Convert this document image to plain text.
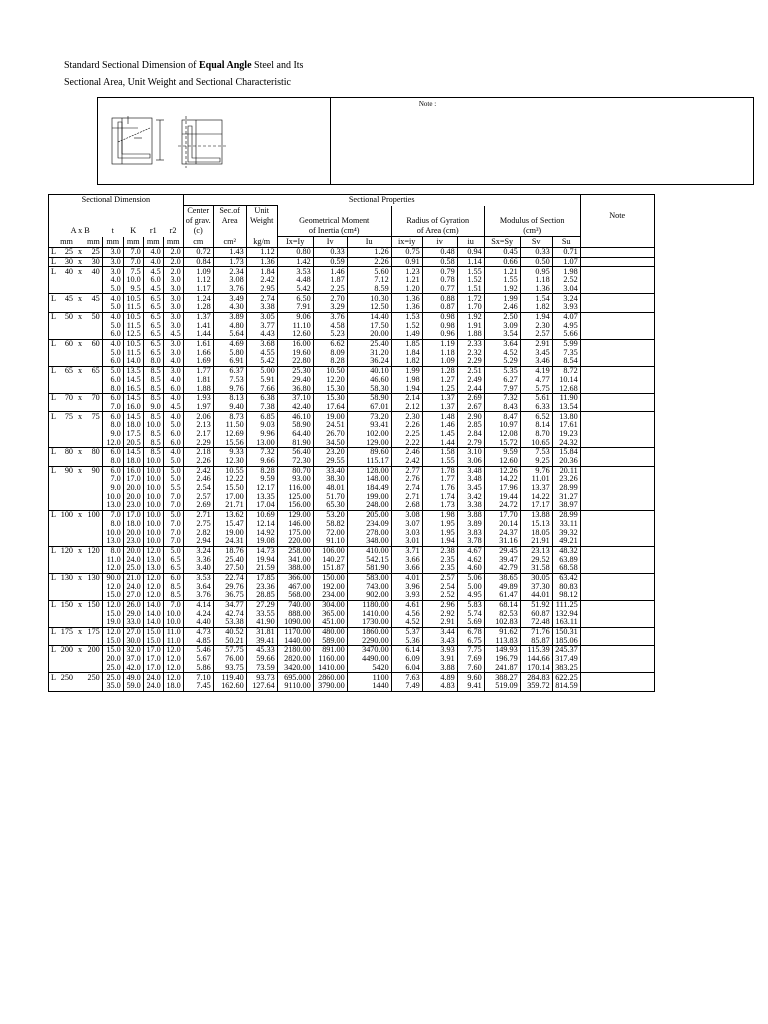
Standard Sectional Dimension of Equal Angle Steel and Its
Sectional Area, Unit Weight and Sectional Characteristic
Note :
Sectional Dimension								Sectional Properties												Note
								Center	Sec.of	Unit										
								of grav.	Area	Weight	Geometrical Moment			Radius of Gyration			Modulus of Section			
	A x B			t	K	r1	r2	(c)			of Inertia (cm⁴)			of Area (cm)			(cm³)			
	mm		mm	mm	mm	mm	mm	cm	cm²	kg/m	Ix=Iy	Iv	Iu	ix=iy	iv	iu	Sx=Sy	Sv	Su	
L	25	x	25	3.0	7.0	4.0	2.0	0.72	1.43	1.12	0.80	0.33	1.26	0.75	0.48	0.94	0.45	0.33	0.71	
L	30	x	30	3.0	7.0	4.0	2.0	0.84	1.73	1.36	1.42	0.59	2.26	0.91	0.58	1.14	0.66	0.50	1.07	
L	40	x	40	3.0	7.5	4.5	2.0	1.09	2.34	1.84	3.53	1.46	5.60	1.23	0.79	1.55	1.21	0.95	1.98	
				4.0	10.0	6.0	3.0	1.12	3.08	2.42	4.48	1.87	7.12	1.21	0.78	1.52	1.55	1.18	2.52	
				5.0	9.5	4.5	3.0	1.17	3.76	2.95	5.42	2.25	8.59	1.20	0.77	1.51	1.92	1.36	3.04	
L	45	x	45	4.0	10.5	6.5	3.0	1.24	3.49	2.74	6.50	2.70	10.30	1.36	0.88	1.72	1.99	1.54	3.24	
				5.0	11.5	6.5	3.0	1.28	4.30	3.38	7.91	3.29	12.50	1.36	0.87	1.70	2.46	1.82	3.93	
L	50	x	50	4.0	10.5	6.5	3.0	1.37	3.89	3.05	9.06	3.76	14.40	1.53	0.98	1.92	2.50	1.94	4.07	
				5.0	11.5	6.5	3.0	1.41	4.80	3.77	11.10	4.58	17.50	1.52	0.98	1.91	3.09	2.30	4.95	
				6.0	12.5	6.5	4.5	1.44	5.64	4.43	12.60	5.23	20.00	1.49	0.96	1.88	3.54	2.57	5.66	
L	60	x	60	4.0	10.5	6.5	3.0	1.61	4.69	3.68	16.00	6.62	25.40	1.85	1.19	2.33	3.64	2.91	5.99	
				5.0	11.5	6.5	3.0	1.66	5.80	4.55	19.60	8.09	31.20	1.84	1.18	2.32	4.52	3.45	7.35	
				6.0	14.0	8.0	4.0	1.69	6.91	5.42	22.80	8.28	36.24	1.82	1.09	2.29	5.29	3.46	8.54	
L	65	x	65	5.0	13.5	8.5	3.0	1.77	6.37	5.00	25.30	10.50	40.10	1.99	1.28	2.51	5.35	4.19	8.72	
				6.0	14.5	8.5	4.0	1.81	7.53	5.91	29.40	12.20	46.60	1.98	1.27	2.49	6.27	4.77	10.14	
				8.0	16.5	8.5	6.0	1.88	9.76	7.66	36.80	15.30	58.30	1.94	1.25	2.44	7.97	5.75	12.68	
L	70	x	70	6.0	14.5	8.5	4.0	1.93	8.13	6.38	37.10	15.30	58.90	2.14	1.37	2.69	7.32	5.61	11.90	
				7.0	16.0	9.0	4.5	1.97	9.40	7.38	42.40	17.64	67.01	2.12	1.37	2.67	8.43	6.33	13.54	
L	75	x	75	6.0	14.5	8.5	4.0	2.06	8.73	6.85	46.10	19.00	73.20	2.30	1.48	2.90	8.47	6.52	13.80	
				8.0	18.0	10.0	5.0	2.13	11.50	9.03	58.90	24.51	93.41	2.26	1.46	2.85	10.97	8.14	17.61	
				9.0	17.5	8.5	6.0	2.17	12.69	9.96	64.40	26.70	102.00	2.25	1.45	2.84	12.08	8.70	19.23	
				12.0	20.5	8.5	6.0	2.29	15.56	13.00	81.90	34.50	129.00	2.22	1.44	2.79	15.72	10.65	24.32	
L	80	x	80	6.0	14.5	8.5	4.0	2.18	9.33	7.32	56.40	23.20	89.60	2.46	1.58	3.10	9.59	7.53	15.84	
				8.0	18.0	10.0	5.0	2.26	12.30	9.66	72.30	29.55	115.17	2.42	1.55	3.06	12.60	9.25	20.36	
L	90	x	90	6.0	16.0	10.0	5.0	2.42	10.55	8.28	80.70	33.40	128.00	2.77	1.78	3.48	12.26	9.76	20.11	
				7.0	17.0	10.0	5.0	2.46	12.22	9.59	93.00	38.30	148.00	2.76	1.77	3.48	14.22	11.01	23.26	
				9.0	20.0	10.0	5.5	2.54	15.50	12.17	116.00	48.01	184.49	2.74	1.76	3.45	17.96	13.37	28.99	
				10.0	20.0	10.0	7.0	2.57	17.00	13.35	125.00	51.70	199.00	2.71	1.74	3.42	19.44	14.22	31.27	
				13.0	23.0	10.0	7.0	2.69	21.71	17.04	156.00	65.30	248.00	2.68	1.73	3.38	24.72	17.17	38.97	
L	100	x	100	7.0	17.0	10.0	5.0	2.71	13.62	10.69	129.00	53.20	205.00	3.08	1.98	3.88	17.70	13.88	28.99	
				8.0	18.0	10.0	7.0	2.75	15.47	12.14	146.00	58.82	234.09	3.07	1.95	3.89	20.14	15.13	33.11	
				10.0	20.0	10.0	7.0	2.82	19.00	14.92	175.00	72.00	278.00	3.03	1.95	3.83	24.37	18.05	39.32	
				13.0	23.0	10.0	7.0	2.94	24.31	19.08	220.00	91.10	348.00	3.01	1.94	3.78	31.16	21.91	49.21	
L	120	x	120	8.0	20.0	12.0	5.0	3.24	18.76	14.73	258.00	106.00	410.00	3.71	2.38	4.67	29.45	23.13	48.32	
				11.0	24.0	13.0	6.5	3.36	25.40	19.94	341.00	140.27	542.15	3.66	2.35	4.62	39.47	29.52	63.89	
				12.0	25.0	13.0	6.5	3.40	27.50	21.59	388.00	151.87	581.90	3.66	2.35	4.60	42.79	31.58	68.58	
L	130	x	130	90.0	21.0	12.0	6.0	3.53	22.74	17.85	366.00	150.00	583.00	4.01	2.57	5.06	38.65	30.05	63.42	
				12.0	24.0	12.0	8.5	3.64	29.76	23.36	467.00	192.00	743.00	3.96	2.54	5.00	49.89	37.30	80.83	
				15.0	27.0	12.0	8.5	3.76	36.75	28.85	568.00	234.00	902.00	3.93	2.52	4.95	61.47	44.01	98.12	
L	150	x	150	12.0	26.0	14.0	7.0	4.14	34.77	27.29	740.00	304.00	1180.00	4.61	2.96	5.83	68.14	51.92	111.25	
				15.0	29.0	14.0	10.0	4.24	42.74	33.55	888.00	365.00	1410.00	4.56	2.92	5.74	82.53	60.87	132.94	
				19.0	33.0	14.0	10.0	4.40	53.38	41.90	1090.00	451.00	1730.00	4.52	2.91	5.69	102.83	72.48	163.11	
L	175	x	175	12.0	27.0	15.0	11.0	4.73	40.52	31.81	1170.00	480.00	1860.00	5.37	3.44	6.78	91.62	71.76	150.31	
				15.0	30.0	15.0	11.0	4.85	50.21	39.41	1440.00	589.00	2290.00	5.36	3.43	6.75	113.83	85.87	185.06	
L	200	x	200	15.0	32.0	17.0	12.0	5.46	57.75	45.33	2180.00	891.00	3470.00	6.14	3.93	7.75	149.93	115.39	245.37	
				20.0	37.0	17.0	12.0	5.67	76.00	59.66	2820.00	1160.00	4490.00	6.09	3.91	7.69	196.79	144.66	317.49	
				25.0	42.0	17.0	12.0	5.86	93.75	73.59	3420.00	1410.00	5420	6.04	3.88	7.60	241.87	170.14	383.25	
L	250		250	25.0	49.0	24.0	12.0	7.10	119.40	93.73	695.000	2860.00	1100	7.63	4.89	9.60	388.27	284.83	622.25	
				35.0	59.0	24.0	18.0	7.45	162.60	127.64	9110.00	3790.00	1440	7.49	4.83	9.41	519.09	359.72	814.59	
